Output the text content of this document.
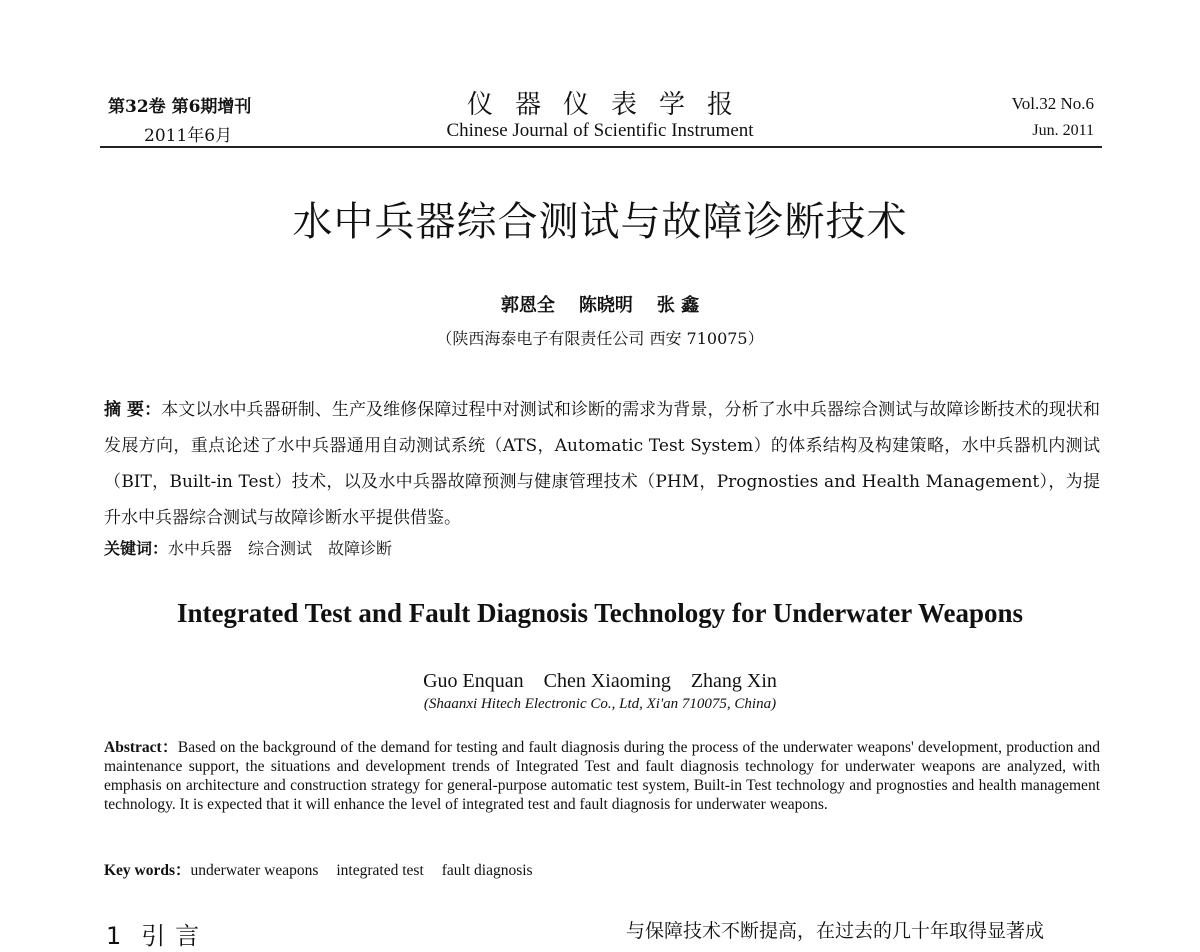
第32卷 第6期增刊
2011年6月
仪器仪表学报
Chinese Journal of Scientific Instrument
Vol.32 No.6
Jun. 2011
水中兵器综合测试与故障诊断技术
郭恩全 陈晓明 张 鑫
（陕西海泰电子有限责任公司 西安 710075）
摘 要：本文以水中兵器研制、生产及维修保障过程中对测试和诊断的需求为背景，分析了水中兵器综合测试与故障诊断技术的现状和发展方向，重点论述了水中兵器通用自动测试系统（ATS，Automatic Test System）的体系结构及构建策略，水中兵器机内测试（BIT，Built-in Test）技术，以及水中兵器故障预测与健康管理技术（PHM，Prognosties and Health Management），为提升水中兵器综合测试与故障诊断水平提供借鉴。
关键词：水中兵器 综合测试 故障诊断
Integrated Test and Fault Diagnosis Technology for Underwater Weapons
Guo Enquan Chen Xiaoming Zhang Xin
(Shaanxi Hitech Electronic Co., Ltd, Xi'an 710075, China)
Abstract：Based on the background of the demand for testing and fault diagnosis during the process of the underwater weapons' development, production and maintenance support, the situations and development trends of Integrated Test and fault diagnosis technology for underwater weapons are analyzed, with emphasis on architecture and construction strategy for general-purpose automatic test system, Built-in Test technology and prognosties and health management technology. It is expected that it will enhance the level of integrated test and fault diagnosis for underwater weapons.
Key words：underwater weapons integrated test fault diagnosis
1 引 言	与保障技术不断提高，在过去的几十年取得显著成
